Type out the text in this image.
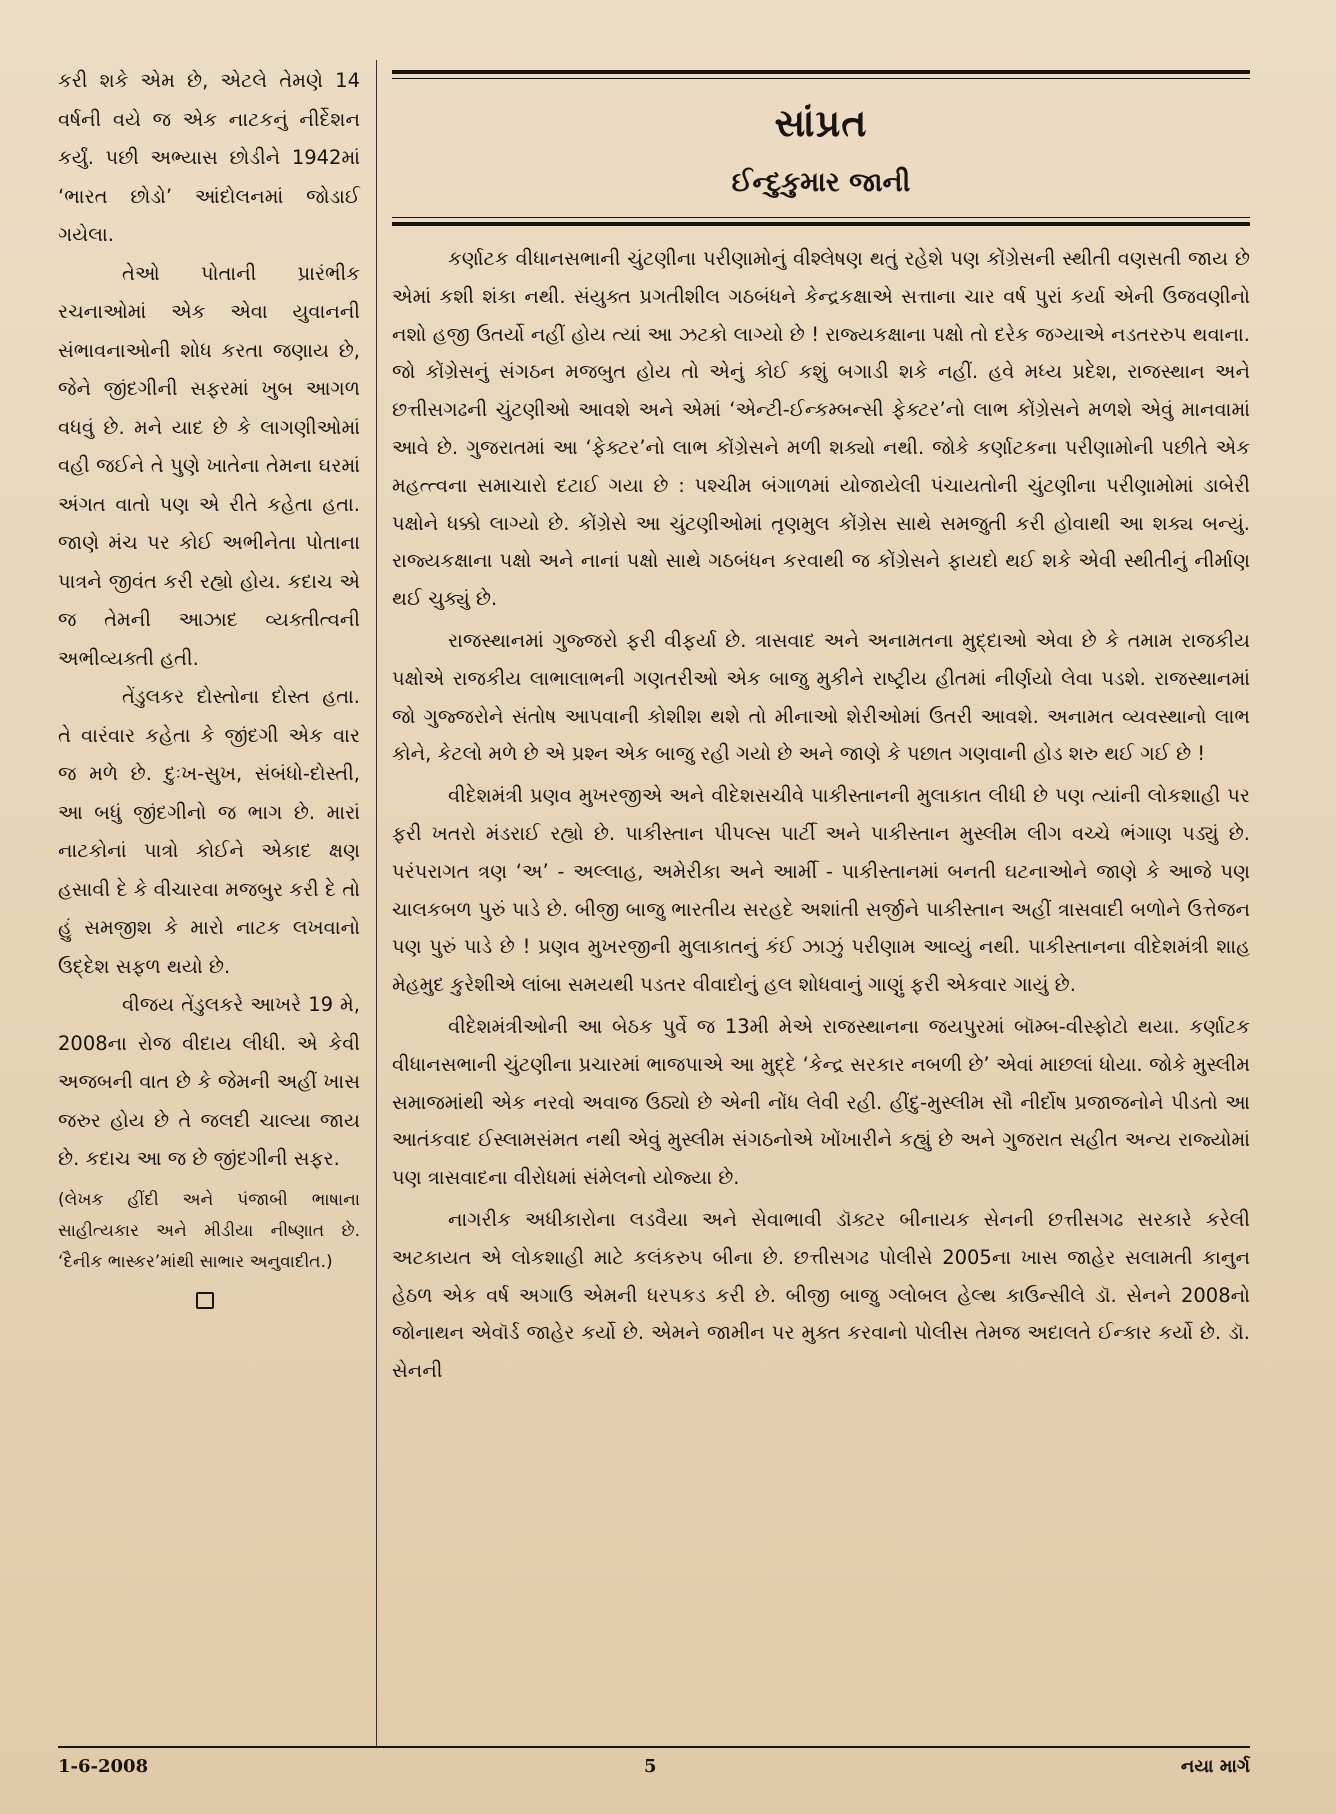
કરી શકે એમ છે, એટલે તેમણે 14 વર્ષની વયે જ એક નાટકનું નીર્દેશન કર્યું. પછી અભ્યાસ છોડીને 1942માં ‘ભારત છોડો’ આંદોલનમાં જોડાઈ ગયેલા.

તેઓ પોતાની પ્રારંભીક રચનાઓમાં એક એવા યુવાનની સંભાવનાઓની શોધ કરતા જણાય છે, જેને જીંદગીની સફરમાં ખુબ આગળ વધવું છે. મને યાદ છે કે લાગણીઓમાં વહી જઈને તે પુણે ખાતેના તેમના ઘરમાં અંગત વાતો પણ એ રીતે કહેતા હતા. જાણે મંચ પર કોઈ અભીનેતા પોતાના પાત્રને જીવંત કરી રહ્યો હોય. કદાચ એ જ તેમની આઝાદ વ્યક્તીત્વની અભીવ્યક્તી હતી.

તેંડુલકર દોસ્તોના દોસ્ત હતા. તે વારંવાર કહેતા કે જીંદગી એક વાર જ મળે છે. દુઃખ-સુખ, સંબંધો-દોસ્તી, આ બધું જીંદગીનો જ ભાગ છે. મારાં નાટકોનાં પાત્રો કોઈને એકાદ ક્ષણ હસાવી દે કે વીચારવા મજબુર કરી દે તો હું સમજીશ કે મારો નાટક લખવાનો ઉદ્દેશ સફળ થયો છે.

વીજય તેંડુલકરે આખરે 19 મે, 2008ના રોજ વીદાય લીધી. એ કેવી અજબની વાત છે કે જેમની અહીં ખાસ જરુર હોય છે તે જલદી ચાલ્યા જાય છે. કદાચ આ જ છે જીંદગીની સફર.

(લેખક હીંદી અને પંજાબી ભાષાના સાહીત્યકાર અને મીડીયા નીષ્ણાત છે. ‘દૈનીક ભાસ્કર’માંથી સાભાર અનુવાદીત.)

સાંપ્રત
ઈન્દુકુમાર જાની

કર્ણાટક વીધાનસભાની ચુંટણીના પરીણામોનું વીશ્લેષણ થતું રહેશે પણ કોંગ્રેસની સ્થીતી વણસતી જાય છે એમાં કશી શંકા નથી. સંયુક્ત પ્રગતીશીલ ગઠબંધને કેન્દ્રકક્ષાએ સત્તાના ચાર વર્ષ પુરાં કર્યા એની ઉજવણીનો નશો હજી ઉતર્યો નહીં હોય ત્યાં આ ઝટકો લાગ્યો છે ! રાજ્યકક્ષાના પક્ષો તો દરેક જગ્યાએ નડતરરુપ થવાના. જો કોંગ્રેસનું સંગઠન મજબુત હોય તો એનું કોઈ કશું બગાડી શકે નહીં. હવે મધ્ય પ્રદેશ, રાજસ્થાન અને છત્તીસગઢની ચુંટણીઓ આવશે અને એમાં ‘એન્ટી-ઈન્કમ્બન્સી ફેક્ટર’નો લાભ કોંગ્રેસને મળશે એવું માનવામાં આવે છે. ગુજરાતમાં આ ‘ફેક્ટર’નો લાભ કોંગ્રેસને મળી શક્યો નથી. જોકે કર્ણાટકના પરીણામોની પછીતે એક મહત્ત્વના સમાચારો દટાઈ ગયા છે : પશ્ચીમ બંગાળમાં યોજાયેલી પંચાયતોની ચુંટણીના પરીણામોમાં ડાબેરી પક્ષોને ધક્કો લાગ્યો છે. કોંગ્રેસે આ ચુંટણીઓમાં તૃણમુલ કોંગ્રેસ સાથે સમજુતી કરી હોવાથી આ શક્ય બન્યું. રાજ્યકક્ષાના પક્ષો અને નાનાં પક્ષો સાથે ગઠબંધન કરવાથી જ કોંગ્રેસને ફાયદો થઈ શકે એવી સ્થીતીનું નીર્માણ થઈ ચુક્યું છે.

રાજસ્થાનમાં ગુજ્જરો ફરી વીફર્યા છે. ત્રાસવાદ અને અનામતના મુદ્દાઓ એવા છે કે તમામ રાજકીય પક્ષોએ રાજકીય લાભાલાભની ગણતરીઓ એક બાજુ મુકીને રાષ્ટ્રીય હીતમાં નીર્ણયો લેવા પડશે. રાજસ્થાનમાં જો ગુજ્જરોને સંતોષ આપવાની કોશીશ થશે તો મીનાઓ શેરીઓમાં ઉતરી આવશે. અનામત વ્યવસ્થાનો લાભ કોને, કેટલો મળે છે એ પ્રશ્ન એક બાજુ રહી ગયો છે અને જાણે કે પછાત ગણવાની હોડ શરુ થઈ ગઈ છે !

વીદેશમંત્રી પ્રણવ મુખરજીએ અને વીદેશસચીવે પાકીસ્તાનની મુલાકાત લીધી છે પણ ત્યાંની લોકશાહી પર ફરી ખતરો મંડરાઈ રહ્યો છે. પાકીસ્તાન પીપલ્સ પાર્ટી અને પાકીસ્તાન મુસ્લીમ લીગ વચ્ચે ભંગાણ પડ્યું છે. પરંપરાગત ત્રણ ‘અ’ - અલ્લાહ, અમેરીકા અને આર્મી - પાકીસ્તાનમાં બનતી ઘટનાઓને જાણે કે આજે પણ ચાલકબળ પુરું પાડે છે. બીજી બાજુ ભારતીય સરહદે અશાંતી સર્જીને પાકીસ્તાન અહીં ત્રાસવાદી બળોને ઉત્તેજન પણ પુરું પાડે છે ! પ્રણવ મુખરજીની મુલાકાતનું કંઈ ઝાઝું પરીણામ આવ્યું નથી. પાકીસ્તાનના વીદેશમંત્રી શાહ મેહમુદ કુરેશીએ લાંબા સમયથી પડતર વીવાદોનું હલ શોધવાનું ગાણું ફરી એકવાર ગાયું છે.

વીદેશમંત્રીઓની આ બેઠક પુર્વે જ 13મી મેએ રાજસ્થાનના જયપુરમાં બૉમ્બ-વીસ્ફોટો થયા. કર્ણાટક વીધાનસભાની ચુંટણીના પ્રચારમાં ભાજપાએ આ મુદ્દે ‘કેન્દ્ર સરકાર નબળી છે’ એવાં માછલાં ધોયા. જોકે મુસ્લીમ સમાજમાંથી એક નરવો અવાજ ઉઠ્યો છે એની નોંધ લેવી રહી. હીંદુ-મુસ્લીમ સૌ નીર્દોષ પ્રજાજનોને પીડતો આ આતંકવાદ ઈસ્લામસંમત નથી એવું મુસ્લીમ સંગઠનોએ ખોંખારીને કહ્યું છે અને ગુજરાત સહીત અન્ય રાજ્યોમાં પણ ત્રાસવાદના વીરોધમાં સંમેલનો યોજ્યા છે.

નાગરીક અધીકારોના લડવૈયા અને સેવાભાવી ડૉક્ટર બીનાયક સેનની છત્તીસગઢ સરકારે કરેલી અટકાયત એ લોકશાહી માટે કલંકરુપ બીના છે. છત્તીસગઢ પોલીસે 2005ના ખાસ જાહેર સલામતી કાનુન હેઠળ એક વર્ષ અગાઉ એમની ધરપકડ કરી છે. બીજી બાજુ ગ્લોબલ હેલ્થ કાઉન્સીલે ડૉ. સેનને 2008નો જોનાથન એવૉર્ડ જાહેર કર્યો છે. એમને જામીન પર મુક્ત કરવાનો પોલીસ તેમજ અદાલતે ઈન્કાર કર્યો છે. ડૉ. સેનની

1-6-2008	5	નયા માર્ગ
